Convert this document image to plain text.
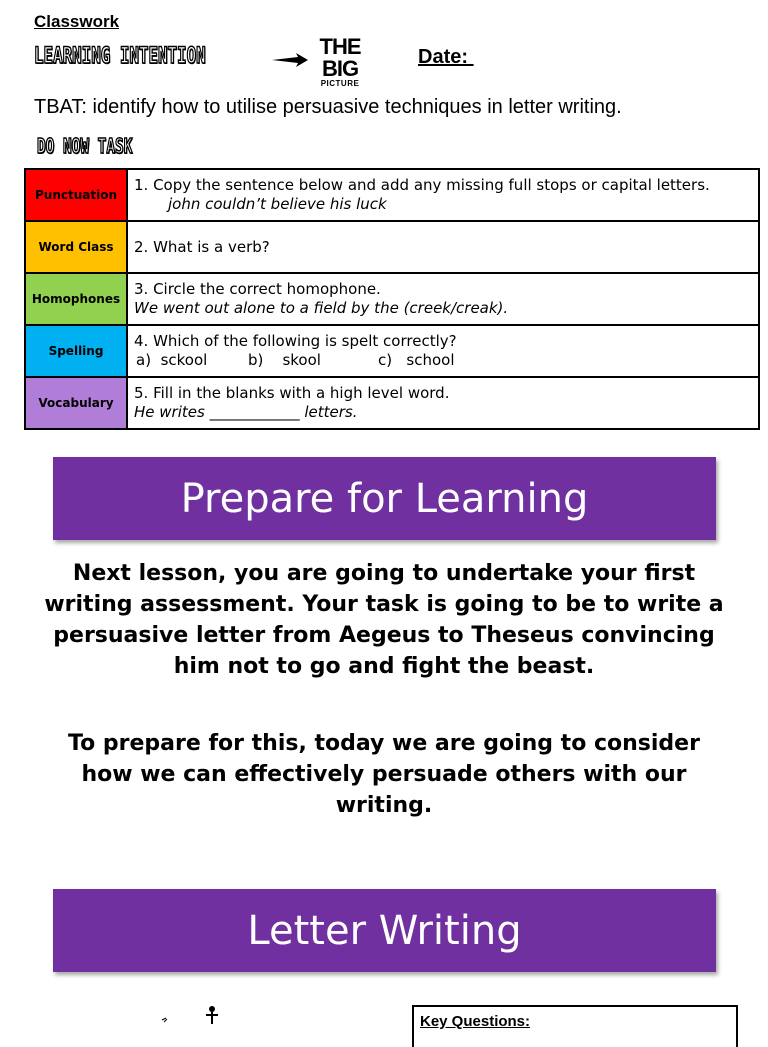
Classwork
LEARNING INTENTION	THE
BIG
PICTURE
Date:
TBAT: identify how to utilise persuasive techniques in letter writing.
DO NOW TASK
Punctuation	1. Copy the sentence below and add any missing full stops or capital letters.
john couldn’t believe his luck

Word Class	2. What is a verb?

Homophones	3. Circle the correct homophone.
We went out alone to a field by the (creek/creak).

Spelling	4. Which of the following is spelt correctly?
a)  sckool b)    skool c)   school

Vocabulary	5. Fill in the blanks with a high level word.
He writes ____________ letters.
Prepare for Learning
Next lesson, you are going to undertake your first writing assessment. Your task is going to be to write a persuasive letter from Aegeus to Theseus convincing him not to go and fight the beast.
To prepare for this, today we are going to consider how we can effectively persuade others with our writing.
Letter Writing
Key Questions:
